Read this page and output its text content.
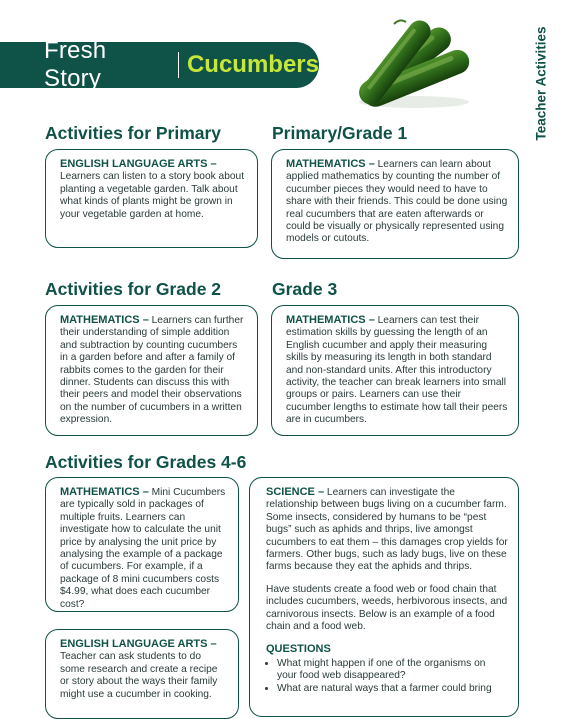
Fresh Story
Cucumbers	Teacher Activities
Activities for Primary	Primary/Grade 1

ENGLISH LANGUAGE ARTS –
Learners can listen to a story book about planting a vegetable garden. Talk about what kinds of plants might be grown in your vegetable garden at home.

MATHEMATICS – Learners can learn about applied mathematics by counting the number of cucumber pieces they would need to have to share with their friends. This could be done using real cucumbers that are eaten afterwards or could be visually or physically represented using models or cutouts.

Activities for Grade 2	Grade 3

MATHEMATICS – Learners can further their understanding of simple addition and subtraction by counting cucumbers in a garden before and after a family of rabbits comes to the garden for their dinner. Students can discuss this with their peers and model their observations on the number of cucumbers in a written expression.

MATHEMATICS – Learners can test their estimation skills by guessing the length of an English cucumber and apply their measuring skills by measuring its length in both standard and non-standard units. After this introductory activity, the teacher can break learners into small groups or pairs. Learners can use their cucumber lengths to estimate how tall their peers are in cucumbers.

Activities for Grades 4-6

MATHEMATICS – Mini Cucumbers are typically sold in packages of multiple fruits. Learners can investigate how to calculate the unit price by analysing the unit price by analysing the example of a package of cucumbers. For example, if a package of 8 mini cucumbers costs $4.99, what does each cucumber cost?

ENGLISH LANGUAGE ARTS –
Teacher can ask students to do some research and create a recipe or story about the ways their family might use a cucumber in cooking.

SCIENCE – Learners can investigate the relationship between bugs living on a cucumber farm. Some insects, considered by humans to be “pest bugs” such as aphids and thrips, live amongst cucumbers to eat them – this damages crop yields for farmers. Other bugs, such as lady bugs, live on these farms because they eat the aphids and thrips.

Have students create a food web or food chain that includes cucumbers, weeds, herbivorous insects, and carnivorous insects. Below is an example of a food chain and a food web.

QUESTIONS
• What might happen if one of the organisms on your food web disappeared?
• What are natural ways that a farmer could bring
